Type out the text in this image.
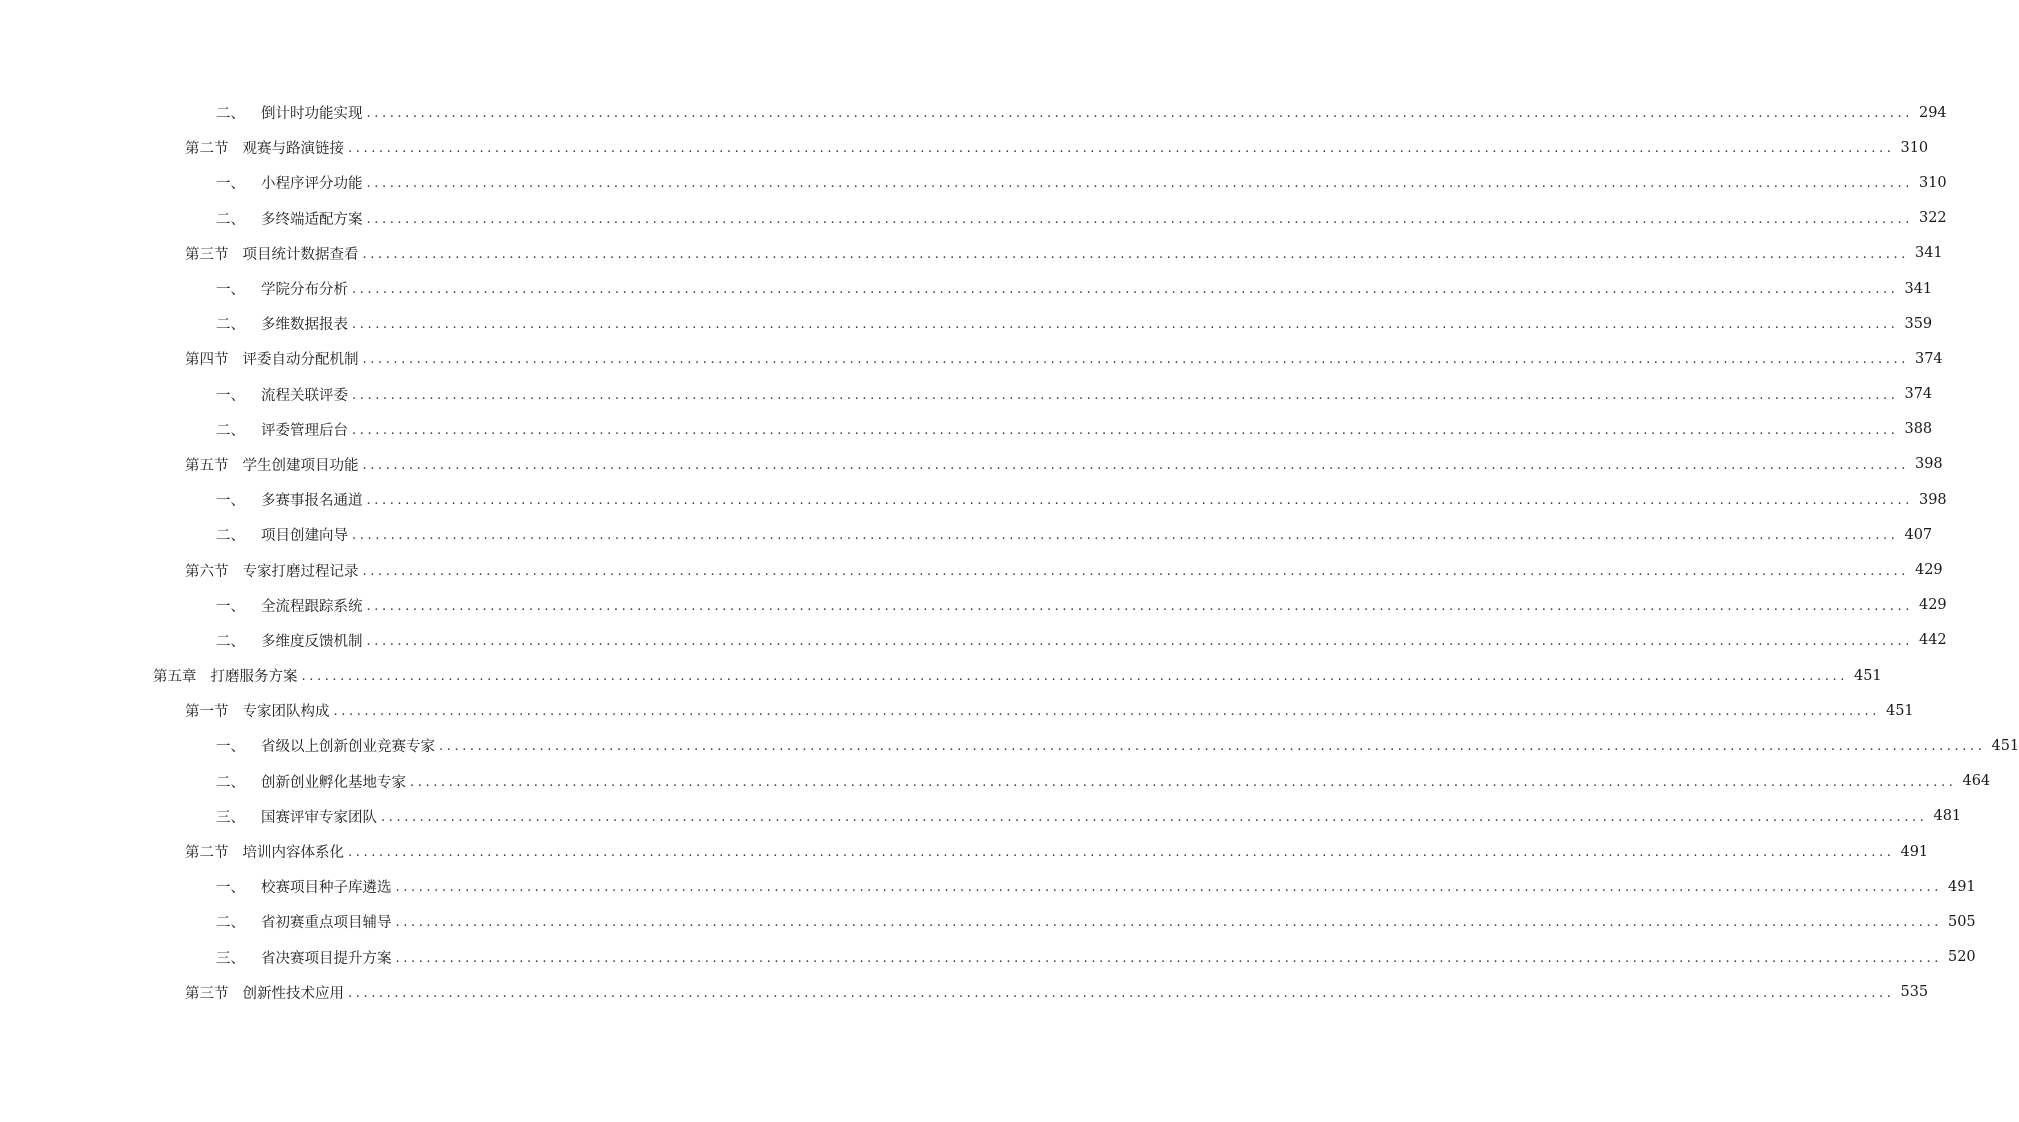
二、 倒计时功能实现 ........................................................................................................................................................................................................ 294
第二节 观赛与路演链接 ........................................................................................................................................................................................................ 310
一、 小程序评分功能 ........................................................................................................................................................................................................ 310
二、 多终端适配方案 ........................................................................................................................................................................................................ 322
第三节 项目统计数据查看 ........................................................................................................................................................................................................ 341
一、 学院分布分析 ........................................................................................................................................................................................................ 341
二、 多维数据报表 ........................................................................................................................................................................................................ 359
第四节 评委自动分配机制 ........................................................................................................................................................................................................ 374
一、 流程关联评委 ........................................................................................................................................................................................................ 374
二、 评委管理后台 ........................................................................................................................................................................................................ 388
第五节 学生创建项目功能 ........................................................................................................................................................................................................ 398
一、 多赛事报名通道 ........................................................................................................................................................................................................ 398
二、 项目创建向导 ........................................................................................................................................................................................................ 407
第六节 专家打磨过程记录 ........................................................................................................................................................................................................ 429
一、 全流程跟踪系统 ........................................................................................................................................................................................................ 429
二、 多维度反馈机制 ........................................................................................................................................................................................................ 442
第五章 打磨服务方案 ........................................................................................................................................................................................................ 451
第一节 专家团队构成 ........................................................................................................................................................................................................ 451
一、 省级以上创新创业竞赛专家 ........................................................................................................................................................................................................ 451
二、 创新创业孵化基地专家 ........................................................................................................................................................................................................ 464
三、 国赛评审专家团队 ........................................................................................................................................................................................................ 481
第二节 培训内容体系化 ........................................................................................................................................................................................................ 491
一、 校赛项目种子库遴选 ........................................................................................................................................................................................................ 491
二、 省初赛重点项目辅导 ........................................................................................................................................................................................................ 505
三、 省决赛项目提升方案 ........................................................................................................................................................................................................ 520
第三节 创新性技术应用 ........................................................................................................................................................................................................ 535
